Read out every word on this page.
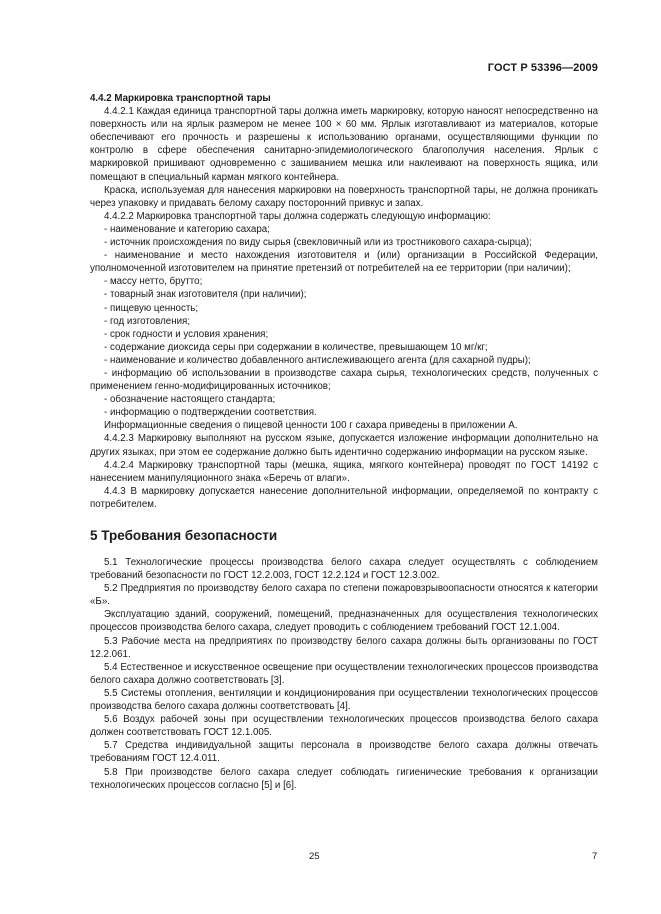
ГОСТ Р 53396—2009

4.4.2 Маркировка транспортной тары

4.4.2.1 Каждая единица транспортной тары должна иметь маркировку, которую наносят непосредственно на поверхность или на ярлык размером не менее 100 × 60 мм. Ярлык изготавливают из материалов, которые обеспечивают его прочность и разрешены к использованию органами, осуществляющими функции по контролю в сфере обеспечения санитарно-эпидемиологического благополучия населения. Ярлык с маркировкой пришивают одновременно с зашиванием мешка или наклеивают на поверхность ящика, или помещают в специальный карман мягкого контейнера.

Краска, используемая для нанесения маркировки на поверхность транспортной тары, не должна проникать через упаковку и придавать белому сахару посторонний привкус и запах.

4.4.2.2 Маркировка транспортной тары должна содержать следующую информацию:

- наименование и категорию сахара;

- источник происхождения по виду сырья (свекловичный или из тростникового сахара-сырца);

- наименование и место нахождения изготовителя и (или) организации в Российской Федерации, уполномоченной изготовителем на принятие претензий от потребителей на ее территории (при наличии);

- массу нетто, брутто;

- товарный знак изготовителя (при наличии);

- пищевую ценность;

- год изготовления;

- срок годности и условия хранения;

- содержание диоксида серы при содержании в количестве, превышающем 10 мг/кг;

- наименование и количество добавленного антислеживающего агента (для сахарной пудры);

- информацию об использовании в производстве сахара сырья, технологических средств, полученных с применением генно-модифицированных источников;

- обозначение настоящего стандарта;

- информацию о подтверждении соответствия.

Информационные сведения о пищевой ценности 100 г сахара приведены в приложении А.

4.4.2.3 Маркировку выполняют на русском языке, допускается изложение информации дополнительно на других языках, при этом ее содержание должно быть идентично содержанию информации на русском языке.

4.4.2.4 Маркировку транспортной тары (мешка, ящика, мягкого контейнера) проводят по ГОСТ 14192 с нанесением манипуляционного знака «Беречь от влаги».

4.4.3 В маркировку допускается нанесение дополнительной информации, определяемой по контракту с потребителем.

5 Требования безопасности

5.1 Технологические процессы производства белого сахара следует осуществлять с соблюдением требований безопасности по ГОСТ 12.2.003, ГОСТ 12.2.124 и ГОСТ 12.3.002.

5.2 Предприятия по производству белого сахара по степени пожаровзрывоопасности относятся к категории «Б».

Эксплуатацию зданий, сооружений, помещений, предназначенных для осуществления технологических процессов производства белого сахара, следует проводить с соблюдением требований ГОСТ 12.1.004.

5.3 Рабочие места на предприятиях по производству белого сахара должны быть организованы по ГОСТ 12.2.061.

5.4 Естественное и искусственное освещение при осуществлении технологических процессов производства белого сахара должно соответствовать [3].

5.5 Системы отопления, вентиляции и кондиционирования при осуществлении технологических процессов производства белого сахара должны соответствовать [4].

5.6 Воздух рабочей зоны при осуществлении технологических процессов производства белого сахара должен соответствовать ГОСТ 12.1.005.

5.7 Средства индивидуальной защиты персонала в производстве белого сахара должны отвечать требованиям ГОСТ 12.4.011.

5.8 При производстве белого сахара следует соблюдать гигиенические требования к организации технологических процессов согласно [5] и [6].

25	7
